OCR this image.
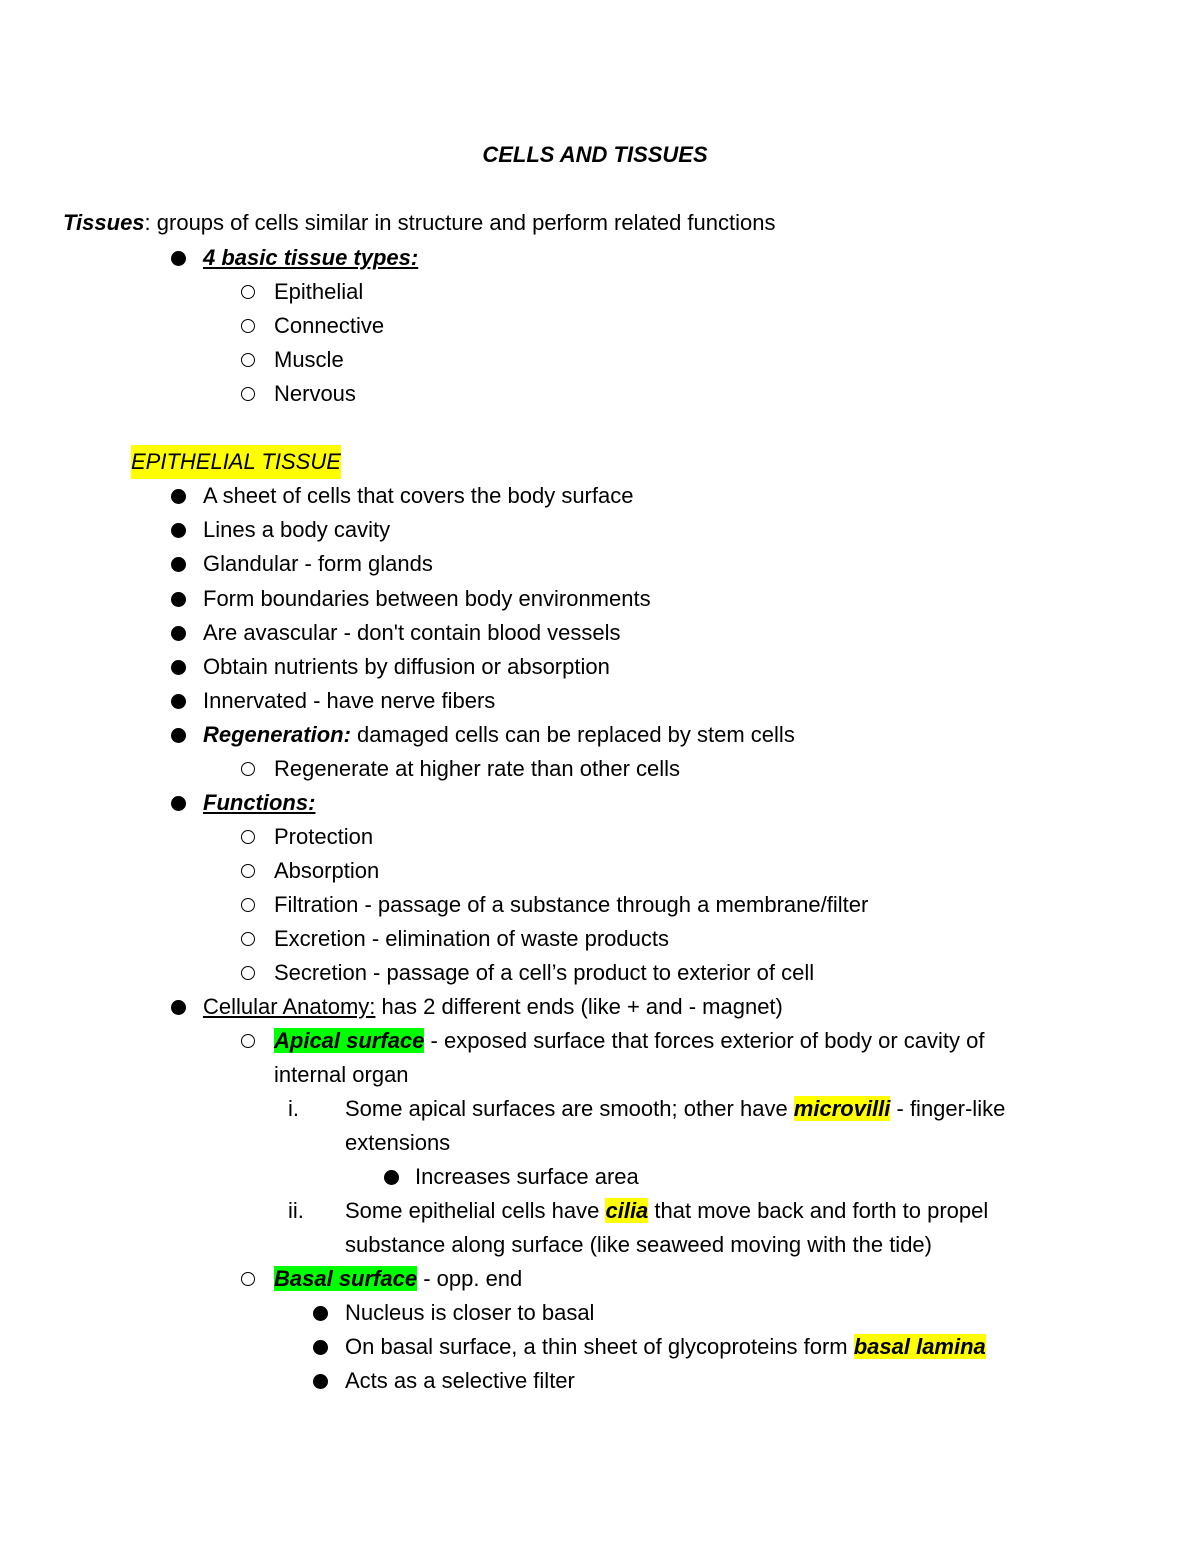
CELLS AND TISSUES
Tissues: groups of cells similar in structure and perform related functions
4 basic tissue types:
Epithelial
Connective
Muscle
Nervous
EPITHELIAL TISSUE
A sheet of cells that covers the body surface
Lines a body cavity
Glandular - form glands
Form boundaries between body environments
Are avascular - don't contain blood vessels
Obtain nutrients by diffusion or absorption
Innervated - have nerve fibers
Regeneration: damaged cells can be replaced by stem cells
Regenerate at higher rate than other cells
Functions:
Protection
Absorption
Filtration - passage of a substance through a membrane/filter
Excretion - elimination of waste products
Secretion - passage of a cell’s product to exterior of cell
Cellular Anatomy: has 2 different ends (like + and - magnet)
Apical surface - exposed surface that forces exterior of body or cavity of
internal organ
i. Some apical surfaces are smooth; other have microvilli - finger-like
extensions
Increases surface area
ii. Some epithelial cells have cilia that move back and forth to propel
substance along surface (like seaweed moving with the tide)
Basal surface - opp. end
Nucleus is closer to basal
On basal surface, a thin sheet of glycoproteins form basal lamina
Acts as a selective filter
